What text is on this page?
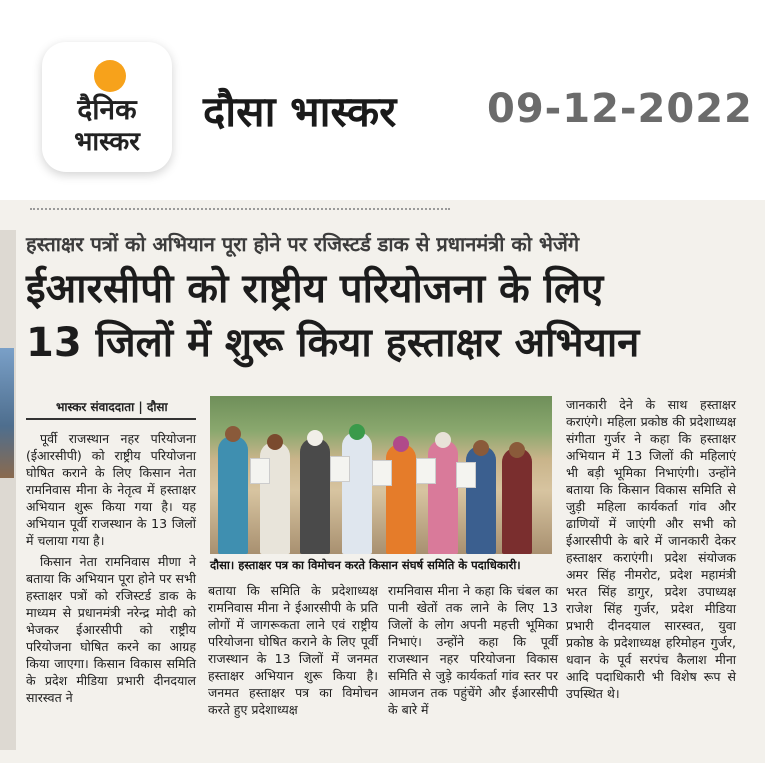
दैनिक
भास्कर
दौसा भास्कर 09-12-2022
हस्ताक्षर पत्रों को अभियान पूरा होने पर रजिस्टर्ड डाक से प्रधानमंत्री को भेजेंगे
ईआरसीपी को राष्ट्रीय परियोजना के लिए
13 जिलों में शुरू किया हस्ताक्षर अभियान
भास्कर संवाददाता | दौसा

पूर्वी राजस्थान नहर परियोजना (ईआरसीपी) को राष्ट्रीय परियोजना घोषित कराने के लिए किसान नेता रामनिवास मीना के नेतृत्व में हस्ताक्षर अभियान शुरू किया गया है। यह अभियान पूर्वी राजस्थान के 13 जिलों में चलाया गया है।

किसान नेता रामनिवास मीणा ने बताया कि अभियान पूरा होने पर सभी हस्ताक्षर पत्रों को रजिस्टर्ड डाक के माध्यम से प्रधानमंत्री नरेन्द्र मोदी को भेजकर ईआरसीपी को राष्ट्रीय परियोजना घोषित करने का आग्रह किया जाएगा। किसान विकास समिति के प्रदेश मीडिया प्रभारी दीनदयाल सारस्वत ने

दौसा। हस्ताक्षर पत्र का विमोचन करते किसान संघर्ष समिति के पदाधिकारी।

बताया कि समिति के प्रदेशाध्यक्ष रामनिवास मीना ने ईआरसीपी के प्रति लोगों में जागरूकता लाने एवं राष्ट्रीय परियोजना घोषित कराने के लिए पूर्वी राजस्थान के 13 जिलों में जनमत हस्ताक्षर अभियान शुरू किया है। जनमत हस्ताक्षर पत्र का विमोचन करते हुए प्रदेशाध्यक्ष

रामनिवास मीना ने कहा कि चंबल का पानी खेतों तक लाने के लिए 13 जिलों के लोग अपनी महत्ती भूमिका निभाएं। उन्होंने कहा कि पूर्वी राजस्थान नहर परियोजना विकास समिति से जुड़े कार्यकर्ता गांव स्तर पर आमजन तक पहुंचेंगे और ईआरसीपी के बारे में

जानकारी देने के साथ हस्ताक्षर कराएंगे। महिला प्रकोष्ठ की प्रदेशाध्यक्ष संगीता गुर्जर ने कहा कि हस्ताक्षर अभियान में 13 जिलों की महिलाएं भी बड़ी भूमिका निभाएंगी। उन्होंने बताया कि किसान विकास समिति से जुड़ी महिला कार्यकर्ता गांव और ढाणियों में जाएंगी और सभी को ईआरसीपी के बारे में जानकारी देकर हस्ताक्षर कराएंगी। प्रदेश संयोजक अमर सिंह नीमरोट, प्रदेश महामंत्री भरत सिंह डागुर, प्रदेश उपाध्यक्ष राजेश सिंह गुर्जर, प्रदेश मीडिया प्रभारी दीनदयाल सारस्वत, युवा प्रकोष्ठ के प्रदेशाध्यक्ष हरिमोहन गुर्जर, धवान के पूर्व सरपंच कैलाश मीना आदि पदाधिकारी भी विशेष रूप से उपस्थित थे।
